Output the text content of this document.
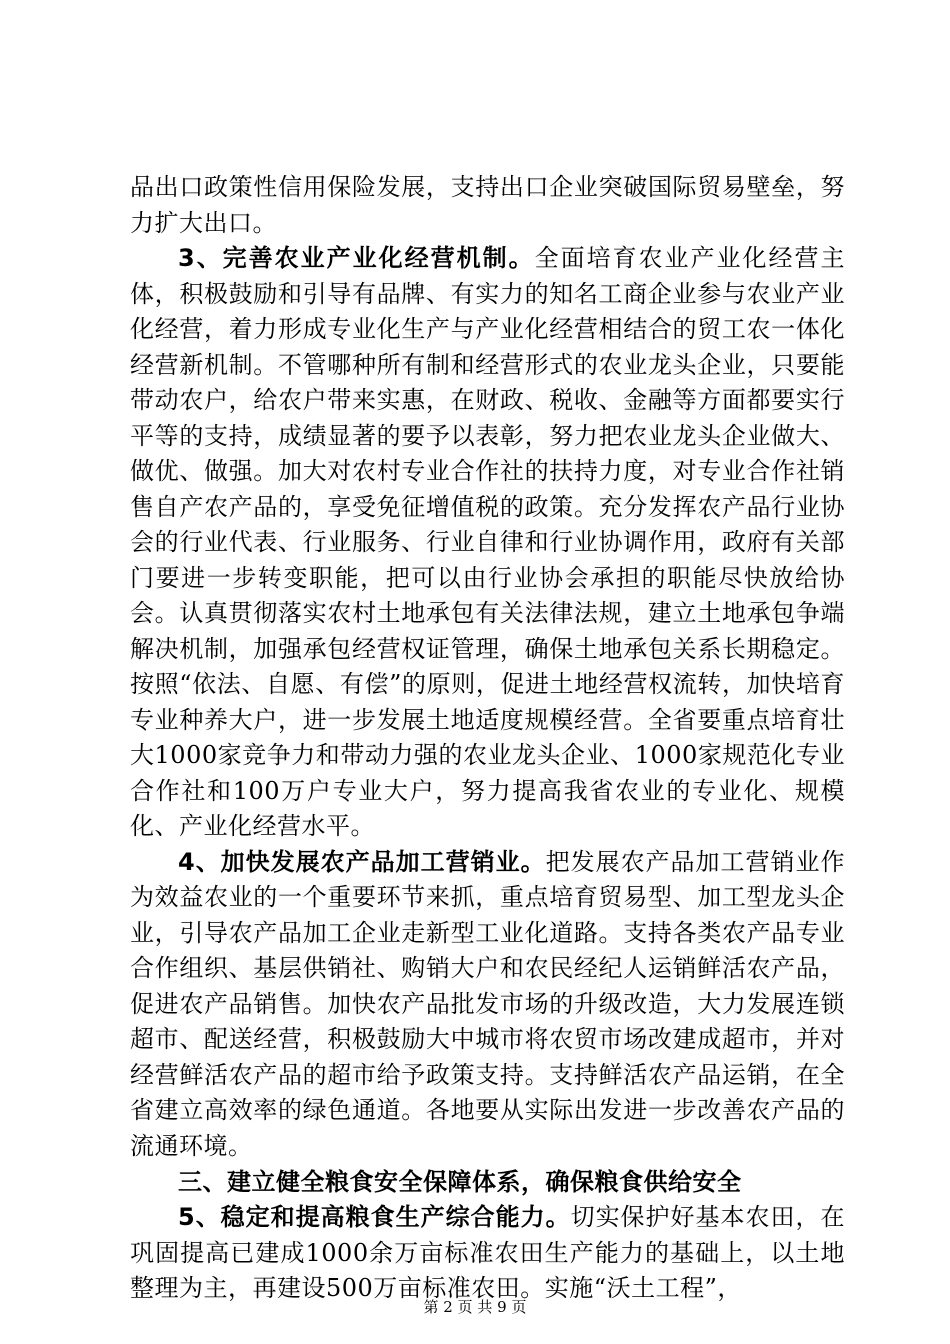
品出口政策性信用保险发展，支持出口企业突破国际贸易壁垒，努力扩大出口。

3、完善农业产业化经营机制。全面培育农业产业化经营主体，积极鼓励和引导有品牌、有实力的知名工商企业参与农业产业化经营，着力形成专业化生产与产业化经营相结合的贸工农一体化经营新机制。不管哪种所有制和经营形式的农业龙头企业，只要能带动农户，给农户带来实惠，在财政、税收、金融等方面都要实行平等的支持，成绩显著的要予以表彰，努力把农业龙头企业做大、做优、做强。加大对农村专业合作社的扶持力度，对专业合作社销售自产农产品的，享受免征增值税的政策。充分发挥农产品行业协会的行业代表、行业服务、行业自律和行业协调作用，政府有关部门要进一步转变职能，把可以由行业协会承担的职能尽快放给协会。认真贯彻落实农村土地承包有关法律法规，建立土地承包争端解决机制，加强承包经营权证管理，确保土地承包关系长期稳定。按照“依法、自愿、有偿”的原则，促进土地经营权流转，加快培育专业种养大户，进一步发展土地适度规模经营。全省要重点培育壮大1000家竞争力和带动力强的农业龙头企业、1000家规范化专业合作社和100万户专业大户，努力提高我省农业的专业化、规模化、产业化经营水平。

4、加快发展农产品加工营销业。把发展农产品加工营销业作为效益农业的一个重要环节来抓，重点培育贸易型、加工型龙头企业，引导农产品加工企业走新型工业化道路。支持各类农产品专业合作组织、基层供销社、购销大户和农民经纪人运销鲜活农产品，促进农产品销售。加快农产品批发市场的升级改造，大力发展连锁超市、配送经营，积极鼓励大中城市将农贸市场改建成超市，并对经营鲜活农产品的超市给予政策支持。支持鲜活农产品运销，在全省建立高效率的绿色通道。各地要从实际出发进一步改善农产品的流通环境。

三、建立健全粮食安全保障体系，确保粮食供给安全

5、稳定和提高粮食生产综合能力。切实保护好基本农田，在巩固提高已建成1000余万亩标准农田生产能力的基础上，以土地整理为主，再建设500万亩标准农田。实施“沃土工程”，

第 2 页 共 9 页
